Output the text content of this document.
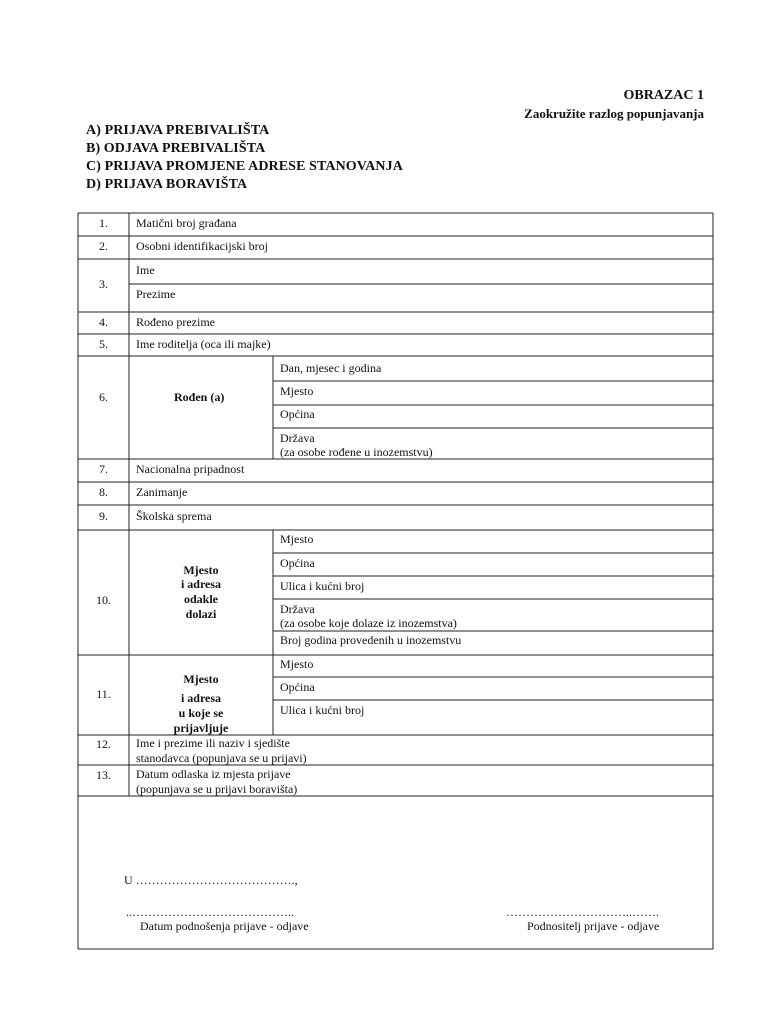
OBRAZAC 1
Zaokružite razlog popunjavanja
A) PRIJAVA PREBIVALIŠTA
B) ODJAVA PREBIVALIŠTA
C) PRIJAVA PROMJENE ADRESE STANOVANJA
D) PRIJAVA BORAVIŠTA
1.
2.
3.
4.
5.
6.
7.
8.
9.
10.
11.
12.
13.
Matični broj građana
Osobni identifikacijski broj
Ime
Prezime
Rođeno prezime
Ime roditelja (oca ili majke)
Rođen (a)
Dan, mjesec i godina
Mjesto
Općina
Država
(za osobe rođene u inozemstvu)
Nacionalna pripadnost
Zanimanje
Školska sprema
Mjesto
i adresa
odakle
dolazi
Mjesto
Općina
Ulica i kućni broj
Država
(za osobe koje dolaze iz inozemstva)
Broj godina provedenih u inozemstvu
Mjesto
i adresa
u koje se
prijavljuje
Mjesto
Općina
Ulica i kućni broj
Ime i prezime ili naziv i sjedište
stanodavca (popunjava se u prijavi)
Datum odlaska iz mjesta prijave
(popunjava se u prijavi boravišta)
U ………………………………….,
..…………………………………..
Datum podnošenja prijave - odjave
…………………………..…….
Podnositelj prijave - odjave
